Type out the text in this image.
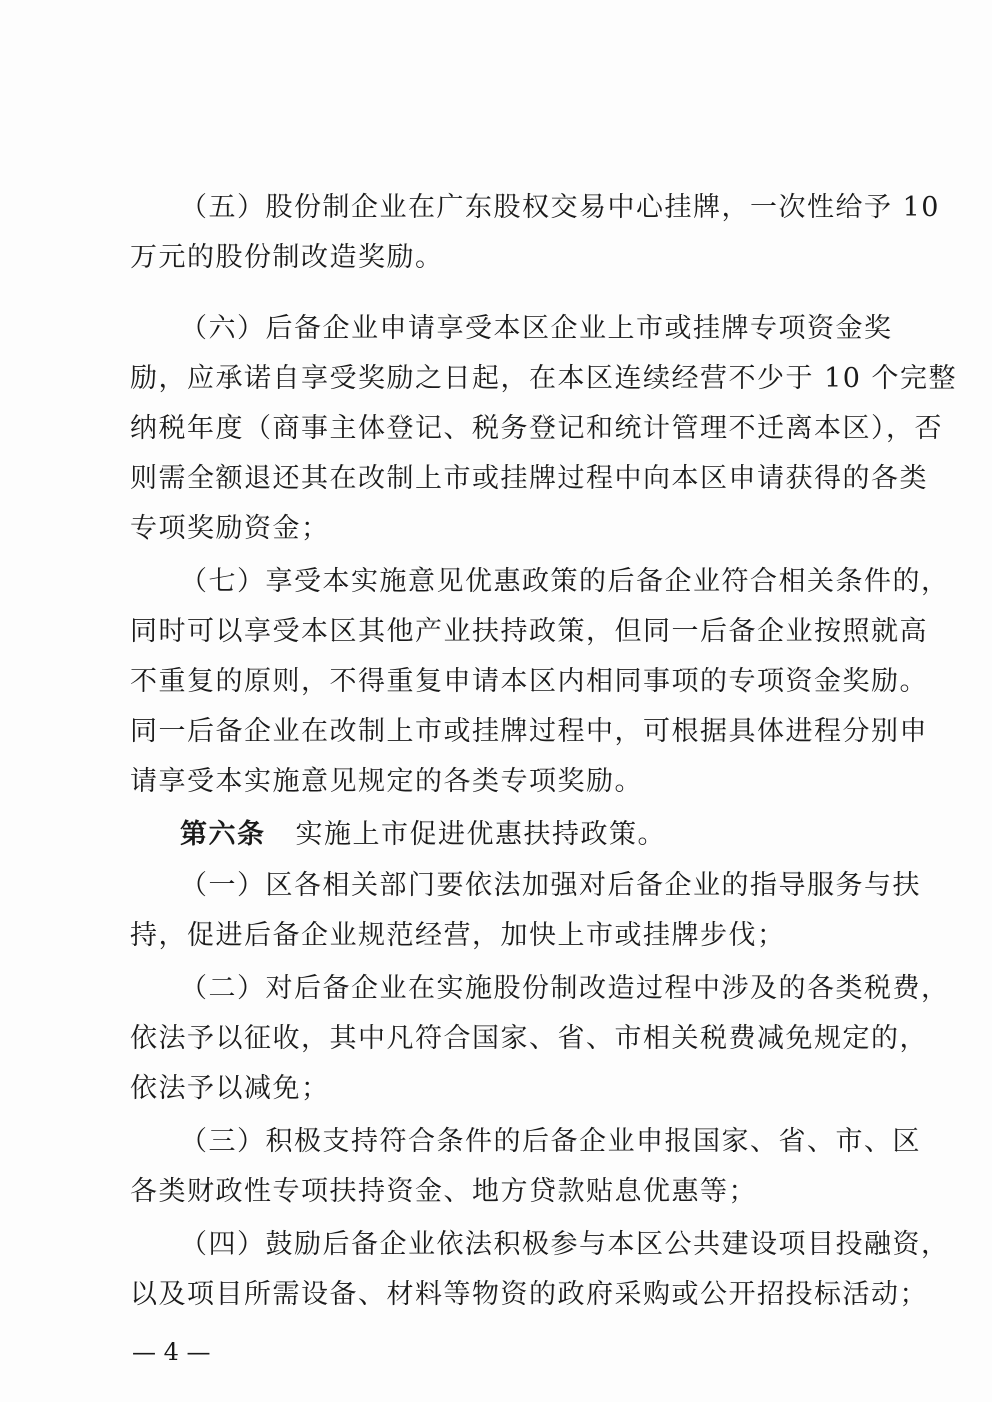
（五）股份制企业在广东股权交易中心挂牌，一次性给予 10
万元的股份制改造奖励。
（六）后备企业申请享受本区企业上市或挂牌专项资金奖
励，应承诺自享受奖励之日起，在本区连续经营不少于 10 个完整
纳税年度（商事主体登记、税务登记和统计管理不迁离本区），否
则需全额退还其在改制上市或挂牌过程中向本区申请获得的各类
专项奖励资金；
（七）享受本实施意见优惠政策的后备企业符合相关条件的，
同时可以享受本区其他产业扶持政策，但同一后备企业按照就高
不重复的原则，不得重复申请本区内相同事项的专项资金奖励。
同一后备企业在改制上市或挂牌过程中，可根据具体进程分别申
请享受本实施意见规定的各类专项奖励。
第六条 实施上市促进优惠扶持政策。
（一）区各相关部门要依法加强对后备企业的指导服务与扶
持，促进后备企业规范经营，加快上市或挂牌步伐；
（二）对后备企业在实施股份制改造过程中涉及的各类税费，
依法予以征收，其中凡符合国家、省、市相关税费减免规定的，
依法予以减免；
（三）积极支持符合条件的后备企业申报国家、省、市、区
各类财政性专项扶持资金、地方贷款贴息优惠等；
（四）鼓励后备企业依法积极参与本区公共建设项目投融资，
以及项目所需设备、材料等物资的政府采购或公开招投标活动；
— 4 —
